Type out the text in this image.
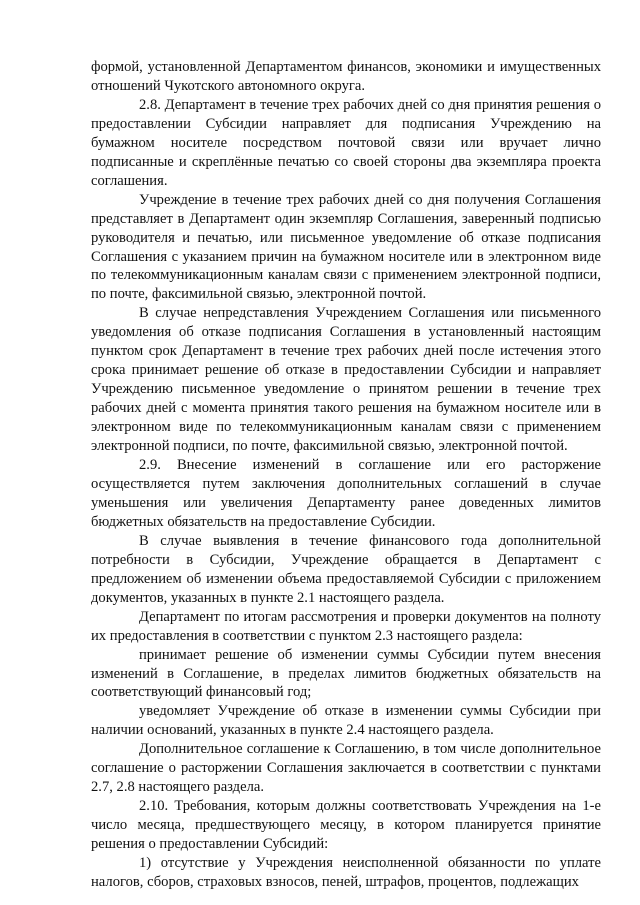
формой, установленной Департаментом финансов, экономики и имущественных отношений Чукотского автономного округа.

2.8. Департамент в течение трех рабочих дней со дня принятия решения о предоставлении Субсидии направляет для подписания Учреждению на бумажном носителе посредством почтовой связи или вручает лично подписанные и скреплённые печатью со своей стороны два экземпляра проекта соглашения.

Учреждение в течение трех рабочих дней со дня получения Соглашения представляет в Департамент один экземпляр Соглашения, заверенный подписью руководителя и печатью, или письменное уведомление об отказе подписания Соглашения с указанием причин на бумажном носителе или в электронном виде по телекоммуникационным каналам связи с применением электронной подписи, по почте, факсимильной связью, электронной почтой.

В случае непредставления Учреждением Соглашения или письменного уведомления об отказе подписания Соглашения в установленный настоящим пунктом срок Департамент в течение трех рабочих дней после истечения этого срока принимает решение об отказе в предоставлении Субсидии и направляет Учреждению письменное уведомление о принятом решении в течение трех рабочих дней с момента принятия такого решения на бумажном носителе или в электронном виде по телекоммуникационным каналам связи с применением электронной подписи, по почте, факсимильной связью, электронной почтой.

2.9. Внесение изменений в соглашение или его расторжение осуществляется путем заключения дополнительных соглашений в случае уменьшения или увеличения Департаменту ранее доведенных лимитов бюджетных обязательств на предоставление Субсидии.

В случае выявления в течение финансового года дополнительной потребности в Субсидии, Учреждение обращается в Департамент с предложением об изменении объема предоставляемой Субсидии с приложением документов, указанных в пункте 2.1 настоящего раздела.

Департамент по итогам рассмотрения и проверки документов на полноту их предоставления в соответствии с пунктом 2.3 настоящего раздела:

принимает решение об изменении суммы Субсидии путем внесения изменений в Соглашение, в пределах лимитов бюджетных обязательств на соответствующий финансовый год;

уведомляет Учреждение об отказе в изменении суммы Субсидии при наличии оснований, указанных в пункте 2.4 настоящего раздела.

Дополнительное соглашение к Соглашению, в том числе дополнительное соглашение о расторжении Соглашения заключается в соответствии с пунктами 2.7, 2.8 настоящего раздела.

2.10. Требования, которым должны соответствовать Учреждения на 1-е число месяца, предшествующего месяцу, в котором планируется принятие решения о предоставлении Субсидий:

1) отсутствие у Учреждения неисполненной обязанности по уплате налогов, сборов, страховых взносов, пеней, штрафов, процентов, подлежащих
